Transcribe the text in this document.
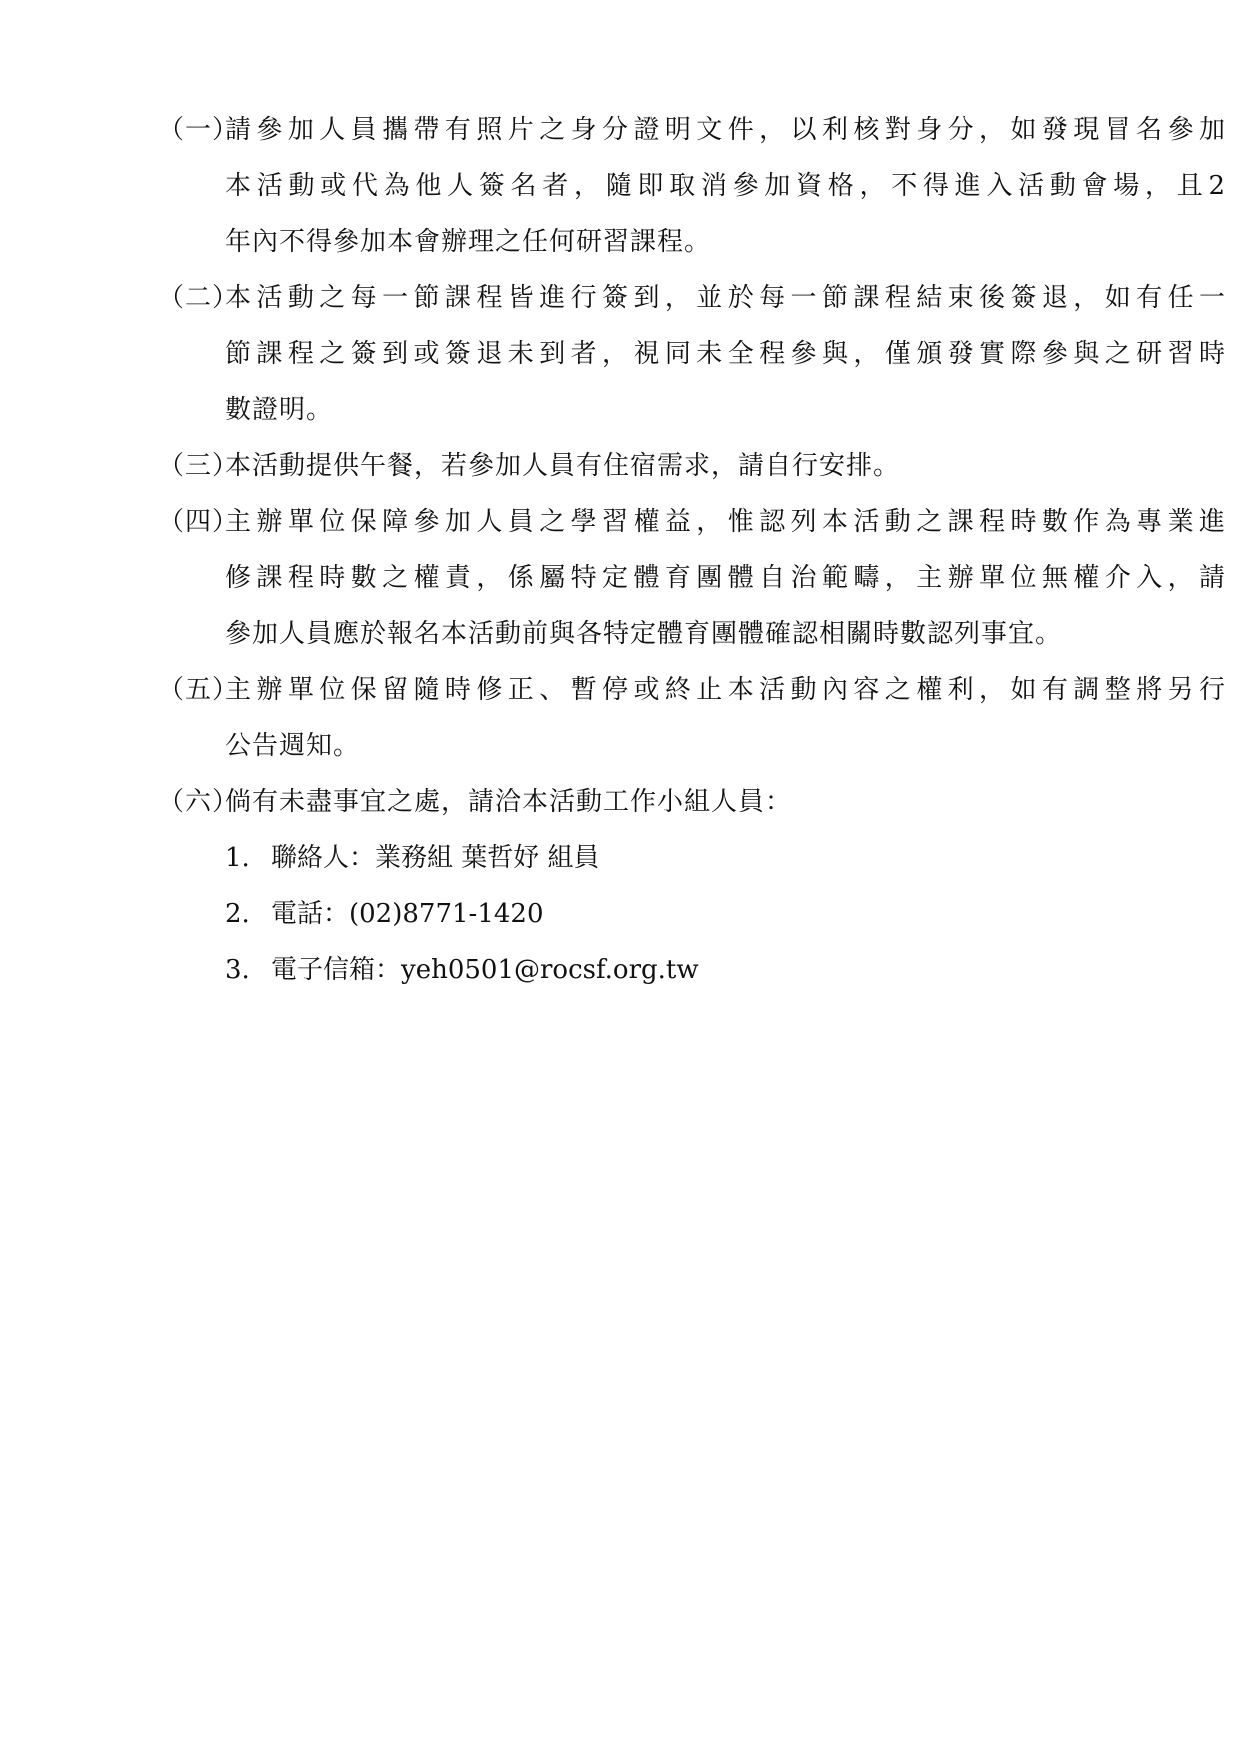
（一）
請參加人員攜帶有照片之身分證明文件，以利核對身分，如發現冒名參加
本活動或代為他人簽名者，隨即取消參加資格，不得進入活動會場，且2
年內不得參加本會辦理之任何研習課程。
（二）
本活動之每一節課程皆進行簽到，並於每一節課程結束後簽退，如有任一
節課程之簽到或簽退未到者，視同未全程參與，僅頒發實際參與之研習時
數證明。
（三）
本活動提供午餐，若參加人員有住宿需求，請自行安排。
（四）
主辦單位保障參加人員之學習權益，惟認列本活動之課程時數作為專業進
修課程時數之權責，係屬特定體育團體自治範疇，主辦單位無權介入，請
參加人員應於報名本活動前與各特定體育團體確認相關時數認列事宜。
（五）
主辦單位保留隨時修正、暫停或終止本活動內容之權利，如有調整將另行
公告週知。
（六）
倘有未盡事宜之處，請洽本活動工作小組人員：
1. 聯絡人：業務組 葉哲妤 組員
2. 電話：(02)8771-1420
3. 電子信箱：yeh0501@rocsf.org.tw
